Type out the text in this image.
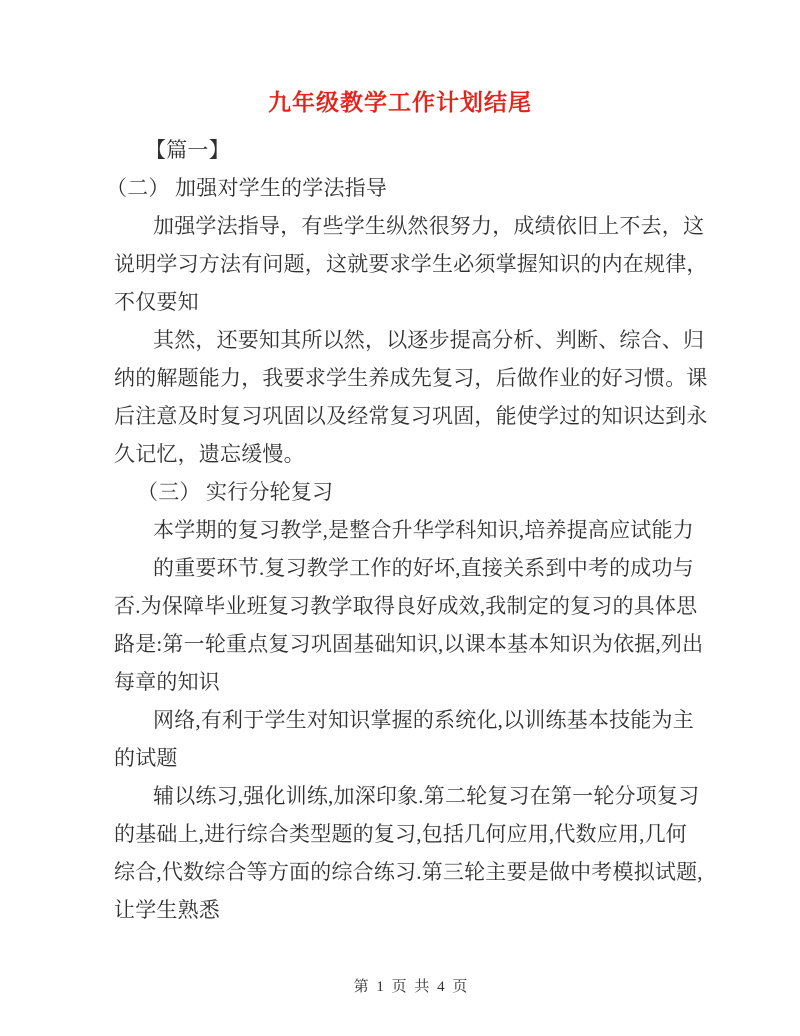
九年级教学工作计划结尾
【篇一】
（二） 加强对学生的学法指导
加强学法指导，有些学生纵然很努力，成绩依旧上不去，这
说明学习方法有问题，这就要求学生必须掌握知识的内在规律，
不仅要知
其然，还要知其所以然，以逐步提高分析、判断、综合、归
纳的解题能力，我要求学生养成先复习，后做作业的好习惯。课
后注意及时复习巩固以及经常复习巩固，能使学过的知识达到永
久记忆，遗忘缓慢。
（三） 实行分轮复习
本学期的复习教学,是整合升华学科知识,培养提高应试能力
的重要环节.复习教学工作的好坏,直接关系到中考的成功与
否.为保障毕业班复习教学取得良好成效,我制定的复习的具体思
路是:第一轮重点复习巩固基础知识,以课本基本知识为依据,列出
每章的知识
网络,有利于学生对知识掌握的系统化,以训练基本技能为主
的试题
辅以练习,强化训练,加深印象.第二轮复习在第一轮分项复习
的基础上,进行综合类型题的复习,包括几何应用,代数应用,几何
综合,代数综合等方面的综合练习.第三轮主要是做中考模拟试题,
让学生熟悉

第 1 页 共 4 页
